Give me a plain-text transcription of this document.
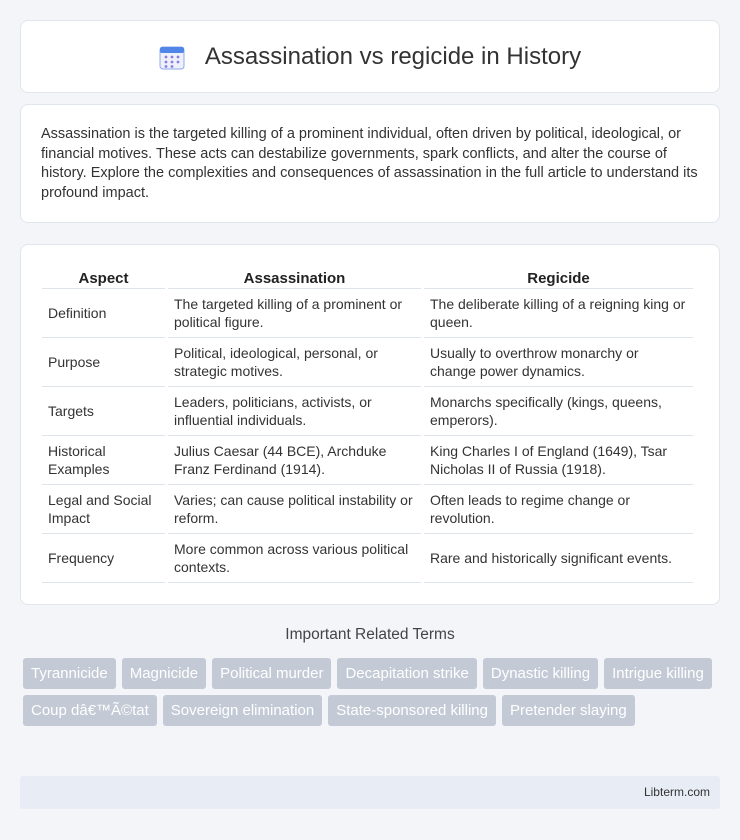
Assassination vs regicide in History

Assassination is the targeted killing of a prominent individual, often driven by political, ideological, or financial motives. These acts can destabilize governments, spark conflicts, and alter the course of history. Explore the complexities and consequences of assassination in the full article to understand its profound impact.

Aspect	Assassination	Regicide
Definition	The targeted killing of a prominent or political figure.	The deliberate killing of a reigning king or queen.
Purpose	Political, ideological, personal, or strategic motives.	Usually to overthrow monarchy or change power dynamics.
Targets	Leaders, politicians, activists, or influential individuals.	Monarchs specifically (kings, queens, emperors).
Historical Examples	Julius Caesar (44 BCE), Archduke Franz Ferdinand (1914).	King Charles I of England (1649), Tsar Nicholas II of Russia (1918).
Legal and Social Impact	Varies; can cause political instability or reform.	Often leads to regime change or revolution.
Frequency	More common across various political contexts.	Rare and historically significant events.
Important Related Terms
Tyrannicide	Magnicide	Political murder	Decapitation strike	Dynastic killing	Intrigue killing
Coup dâ€™Ã©tat	Sovereign elimination	State-sponsored killing	Pretender slaying
Libterm.com
